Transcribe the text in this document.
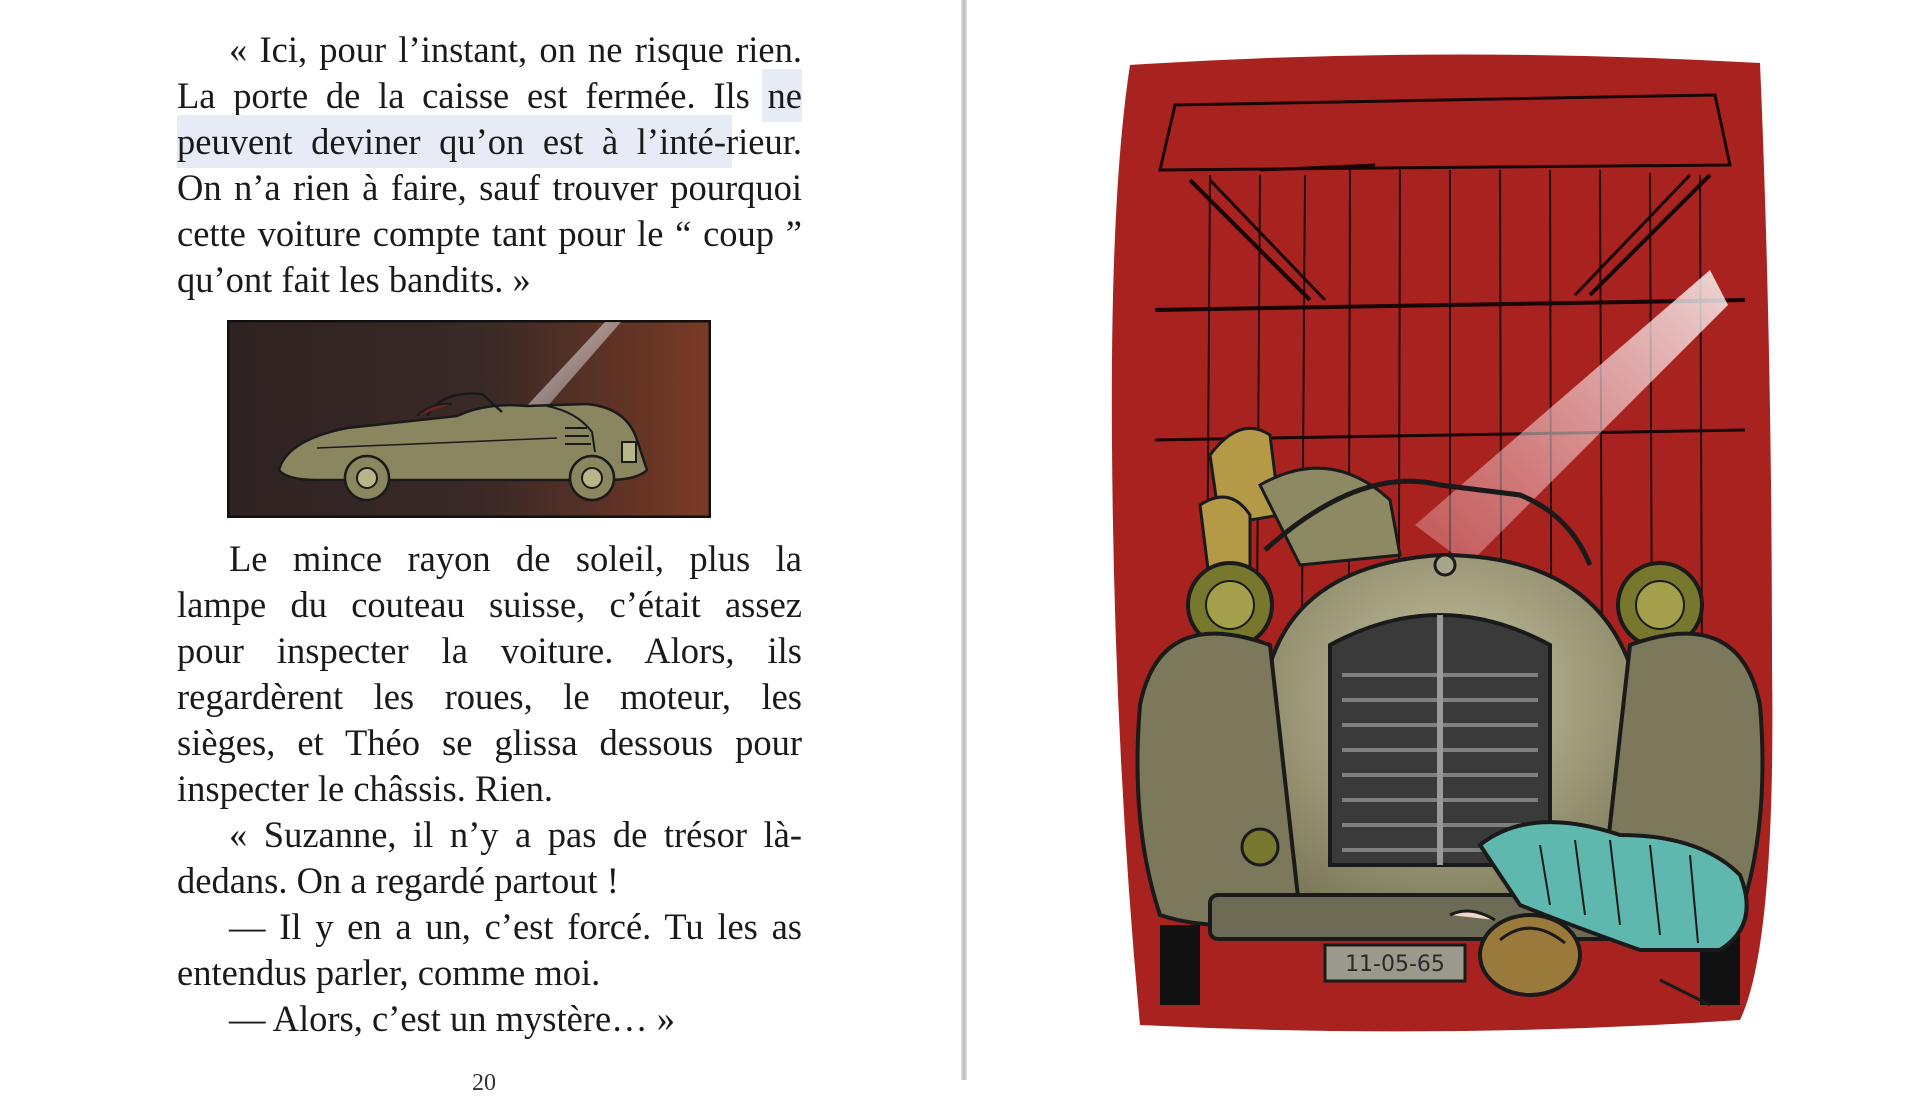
« Ici, pour l’instant, on ne risque rien. La porte de la caisse est fermée. Ils ne peuvent deviner qu’on est à l’inté-rieur. On n’a rien à faire, sauf trouver pourquoi cette voiture compte tant pour le “ coup ” qu’ont fait les bandits. »

Le mince rayon de soleil, plus la lampe du couteau suisse, c’était assez pour inspecter la voiture. Alors, ils regardèrent les roues, le moteur, les sièges, et Théo se glissa dessous pour inspecter le châssis. Rien.

« Suzanne, il n’y a pas de trésor là-dedans. On a regardé partout !

— Il y en a un, c’est forcé. Tu les as entendus parler, comme moi.

— Alors, c’est un mystère… »

20
11-05-65
